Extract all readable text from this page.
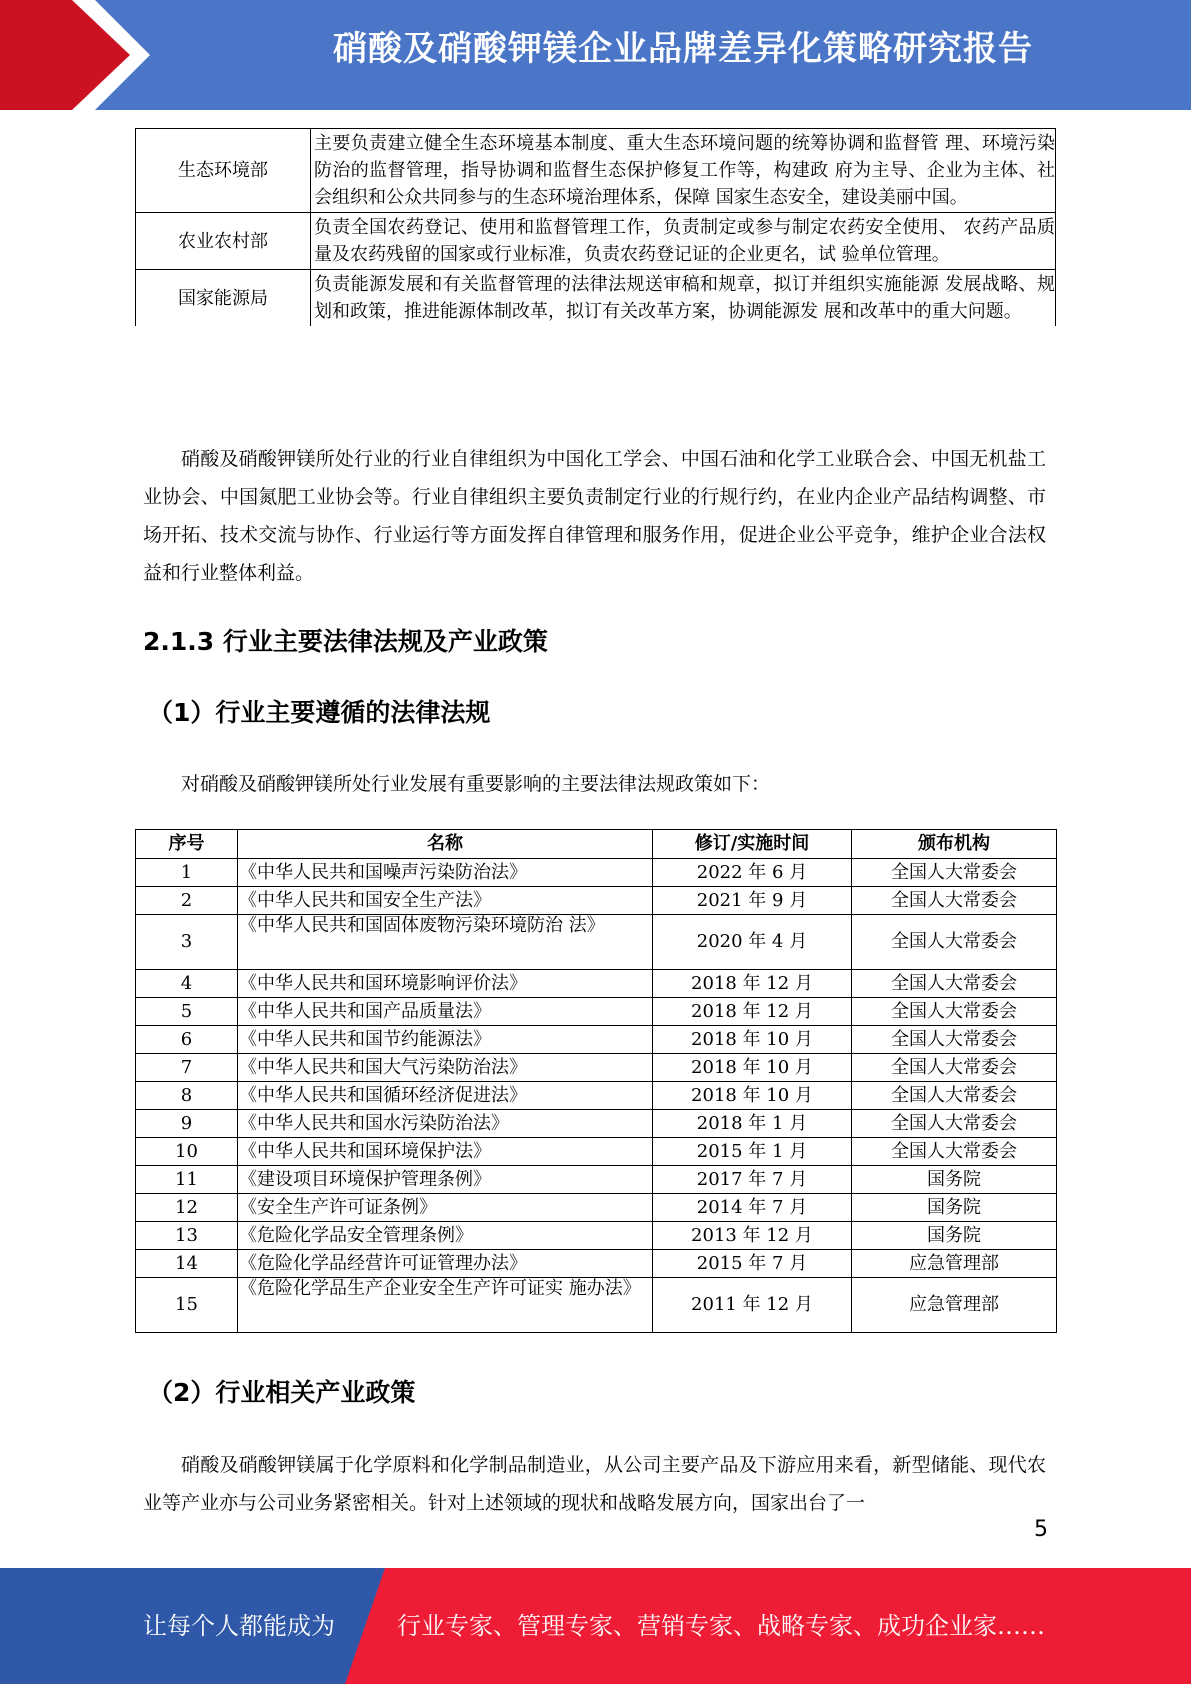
硝酸及硝酸钾镁企业品牌差异化策略研究报告
生态环境部	主要负责建立健全生态环境基本制度、重大生态环境问题的统筹协调和监督管 理、环境污染防治的监督管理，指导协调和监督生态保护修复工作等，构建政 府为主导、企业为主体、社会组织和公众共同参与的生态环境治理体系，保障 国家生态安全，建设美丽中国。
农业农村部	负责全国农药登记、使用和监督管理工作，负责制定或参与制定农药安全使用、 农药产品质量及农药残留的国家或行业标准，负责农药登记证的企业更名，试 验单位管理。
国家能源局	负责能源发展和有关监督管理的法律法规送审稿和规章，拟订并组织实施能源 发展战略、规划和政策，推进能源体制改革，拟订有关改革方案，协调能源发 展和改革中的重大问题。

硝酸及硝酸钾镁所处行业的行业自律组织为中国化工学会、中国石油和化学工业联合会、中国无机盐工业协会、中国氮肥工业协会等。行业自律组织主要负责制定行业的行规行约，在业内企业产品结构调整、市场开拓、技术交流与协作、行业运行等方面发挥自律管理和服务作用，促进企业公平竞争，维护企业合法权益和行业整体利益。

2.1.3 行业主要法律法规及产业政策
（1）行业主要遵循的法律法规

对硝酸及硝酸钾镁所处行业发展有重要影响的主要法律法规政策如下：

序号	名称	修订/实施时间	颁布机构
1	《中华人民共和国噪声污染防治法》	2022 年 6 月	全国人大常委会
2	《中华人民共和国安全生产法》	2021 年 9 月	全国人大常委会
3	《中华人民共和国固体废物污染环境防治 法》	2020 年 4 月	全国人大常委会
4	《中华人民共和国环境影响评价法》	2018 年 12 月	全国人大常委会
5	《中华人民共和国产品质量法》	2018 年 12 月	全国人大常委会
6	《中华人民共和国节约能源法》	2018 年 10 月	全国人大常委会
7	《中华人民共和国大气污染防治法》	2018 年 10 月	全国人大常委会
8	《中华人民共和国循环经济促进法》	2018 年 10 月	全国人大常委会
9	《中华人民共和国水污染防治法》	2018 年 1 月	全国人大常委会
10	《中华人民共和国环境保护法》	2015 年 1 月	全国人大常委会
11	《建设项目环境保护管理条例》	2017 年 7 月	国务院
12	《安全生产许可证条例》	2014 年 7 月	国务院
13	《危险化学品安全管理条例》	2013 年 12 月	国务院
14	《危险化学品经营许可证管理办法》	2015 年 7 月	应急管理部
15	《危险化学品生产企业安全生产许可证实 施办法》	2011 年 12 月	应急管理部
（2）行业相关产业政策

硝酸及硝酸钾镁属于化学原料和化学制品制造业，从公司主要产品及下游应用来看，新型储能、现代农业等产业亦与公司业务紧密相关。针对上述领域的现状和战略发展方向，国家出台了一

5
让每个人都能成为	行业专家、管理专家、营销专家、战略专家、成功企业家……
